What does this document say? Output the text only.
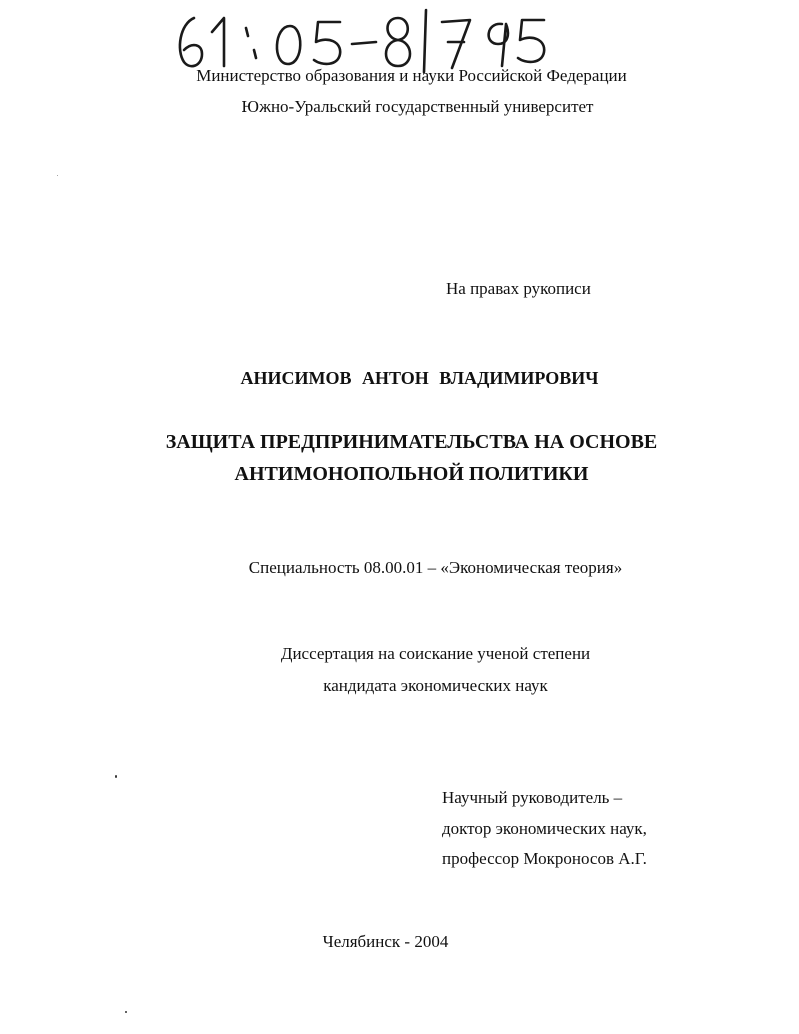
Министерство образования и науки Российской Федерации
Южно-Уральский государственный университет
На правах рукописи
АНИСИМОВ АНТОН ВЛАДИМИРОВИЧ
ЗАЩИТА ПРЕДПРИНИМАТЕЛЬСТВА НА ОСНОВЕ
АНТИМОНОПОЛЬНОЙ ПОЛИТИКИ
Специальность 08.00.01 – «Экономическая теория»
Диссертация на соискание ученой степени
кандидата экономических наук
Научный руководитель –
доктор экономических наук,
профессор Мокроносов А.Г.
Челябинск - 2004
